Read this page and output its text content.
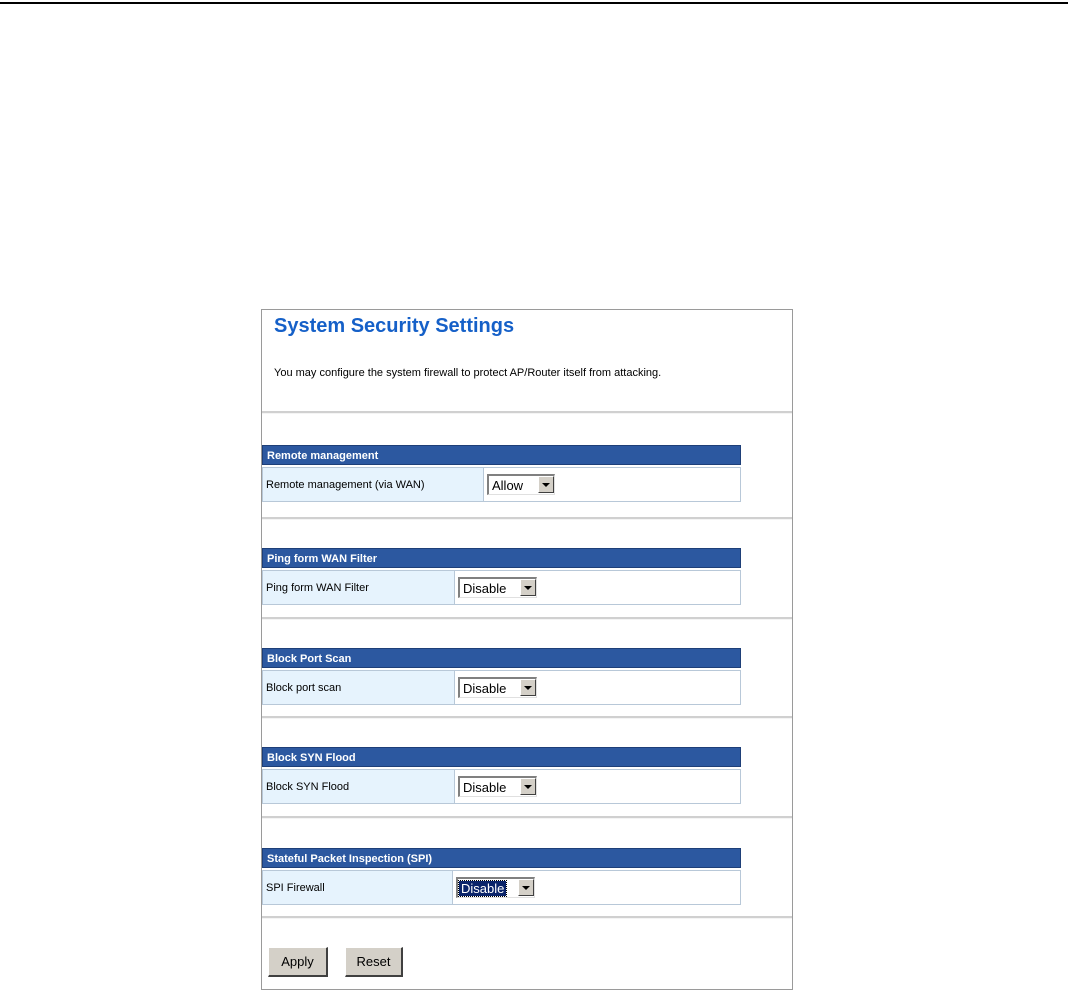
System Security Settings
You may configure the system firewall to protect AP/Router itself from attacking.
Remote management
Remote management (via WAN)	Allow
Ping form WAN Filter
Ping form WAN Filter	Disable
Block Port Scan
Block port scan	Disable
Block SYN Flood
Block SYN Flood	Disable
Stateful Packet Inspection (SPI)
SPI Firewall	Disable
Apply	Reset
